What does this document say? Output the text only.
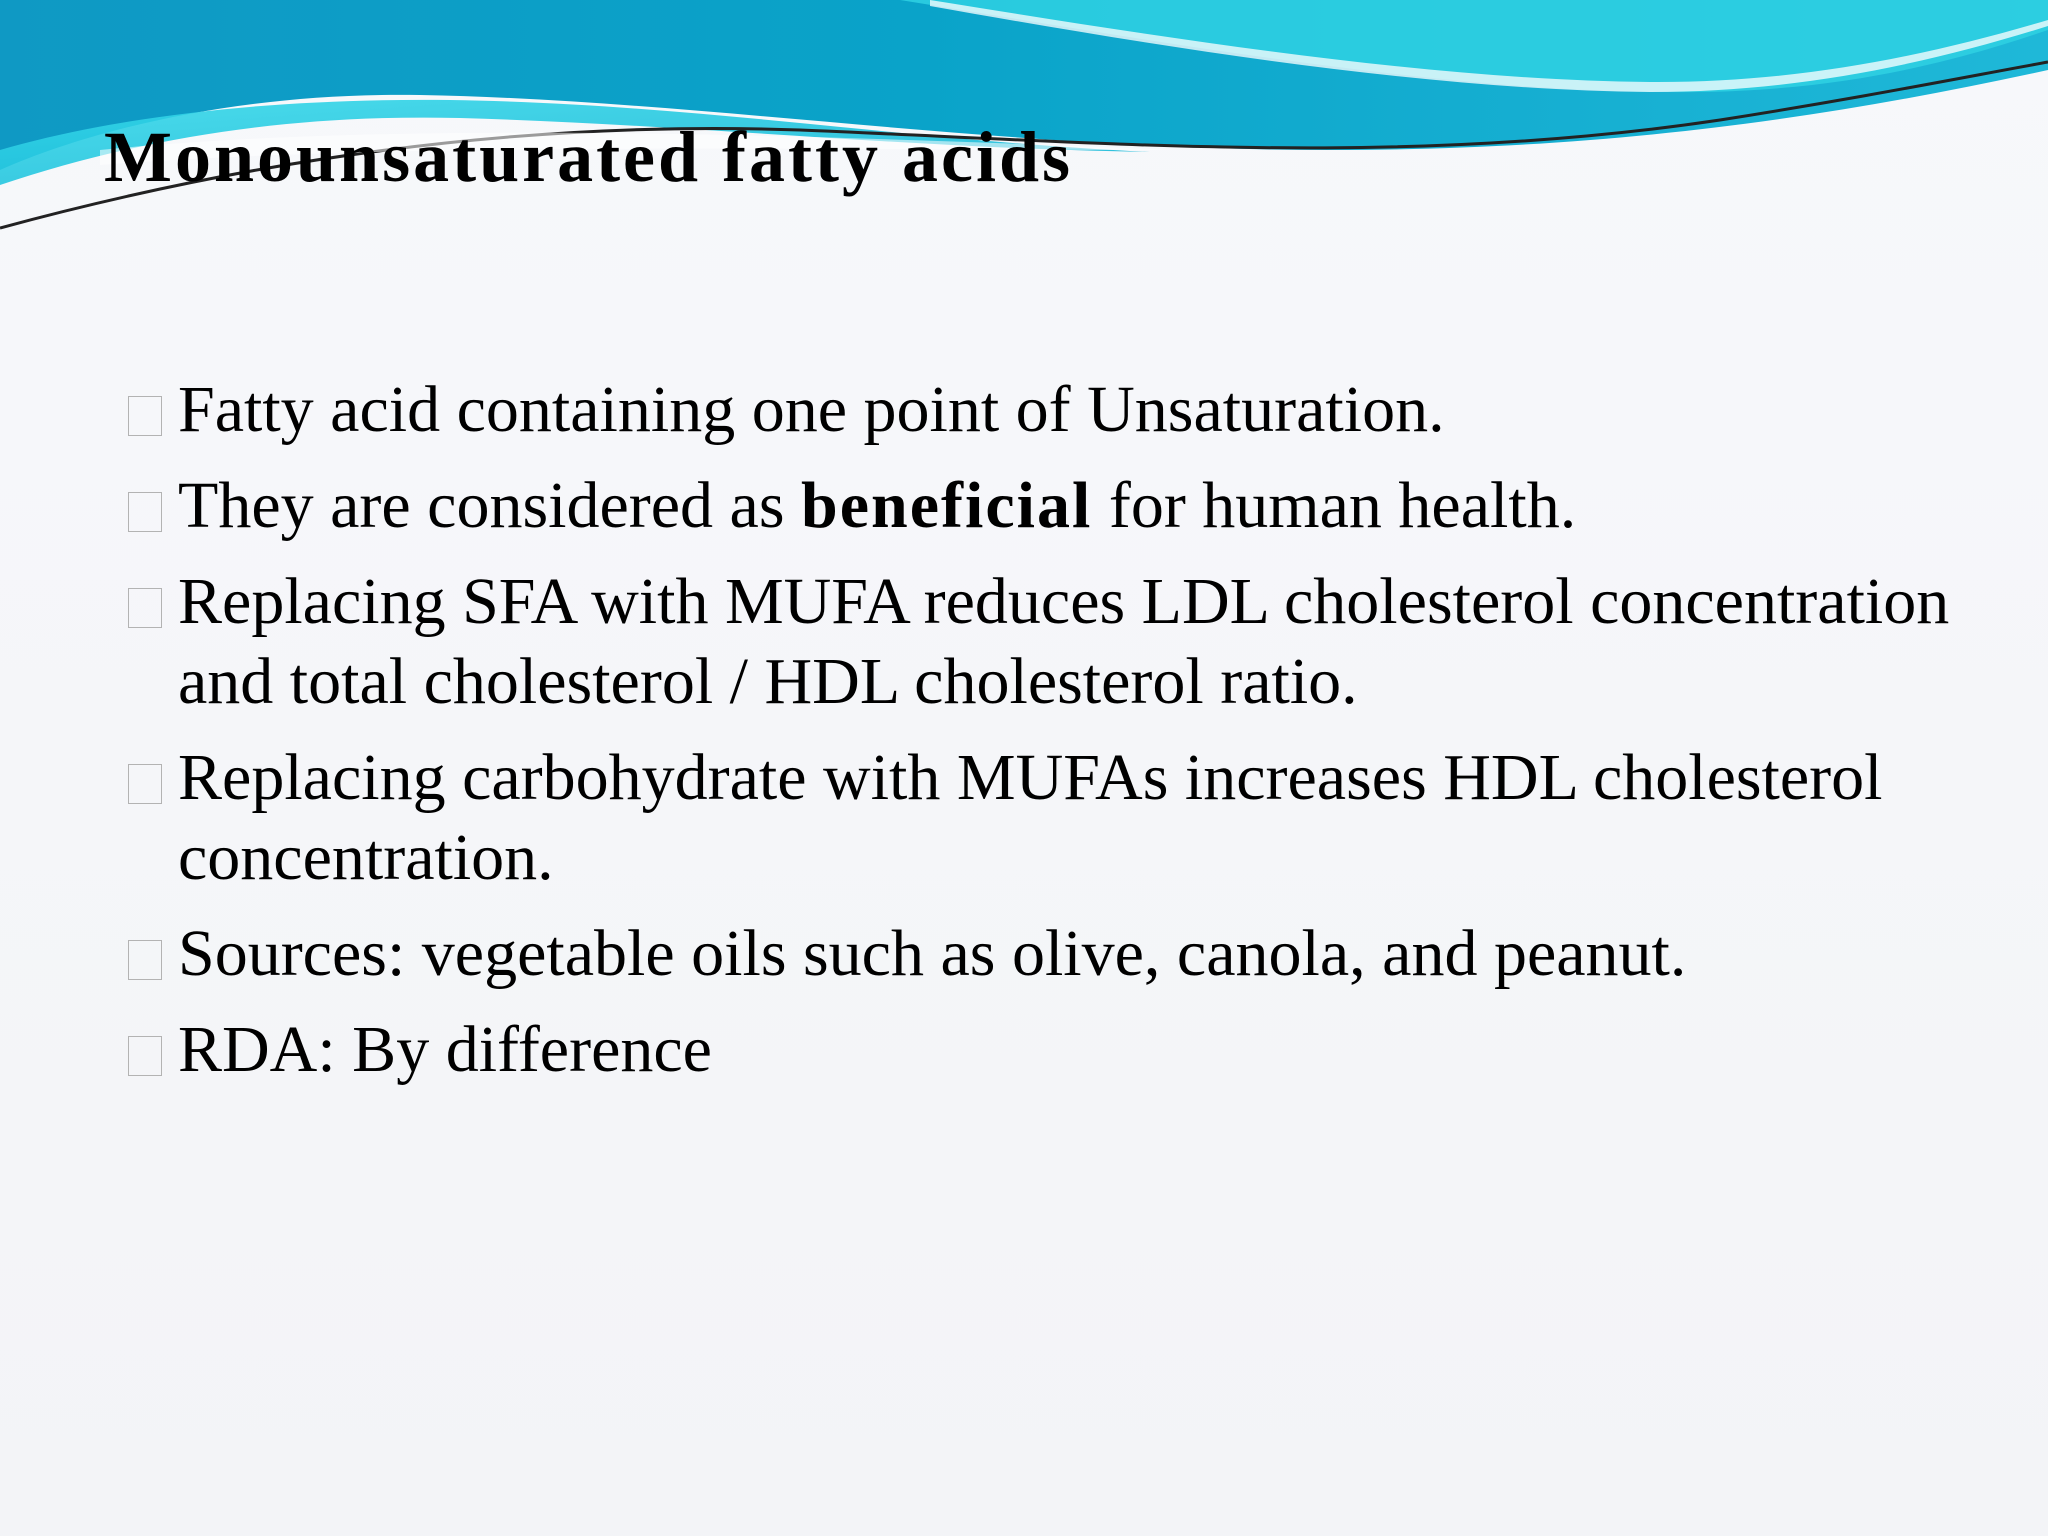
Monounsaturated fatty acids
Fatty acid containing one point of Unsaturation.
They are considered as beneficial for human health.
Replacing SFA with MUFA reduces LDL cholesterol concentration and total cholesterol / HDL cholesterol ratio.
Replacing carbohydrate with MUFAs increases HDL cholesterol concentration.
Sources: vegetable oils such as olive, canola, and peanut.
RDA: By difference
